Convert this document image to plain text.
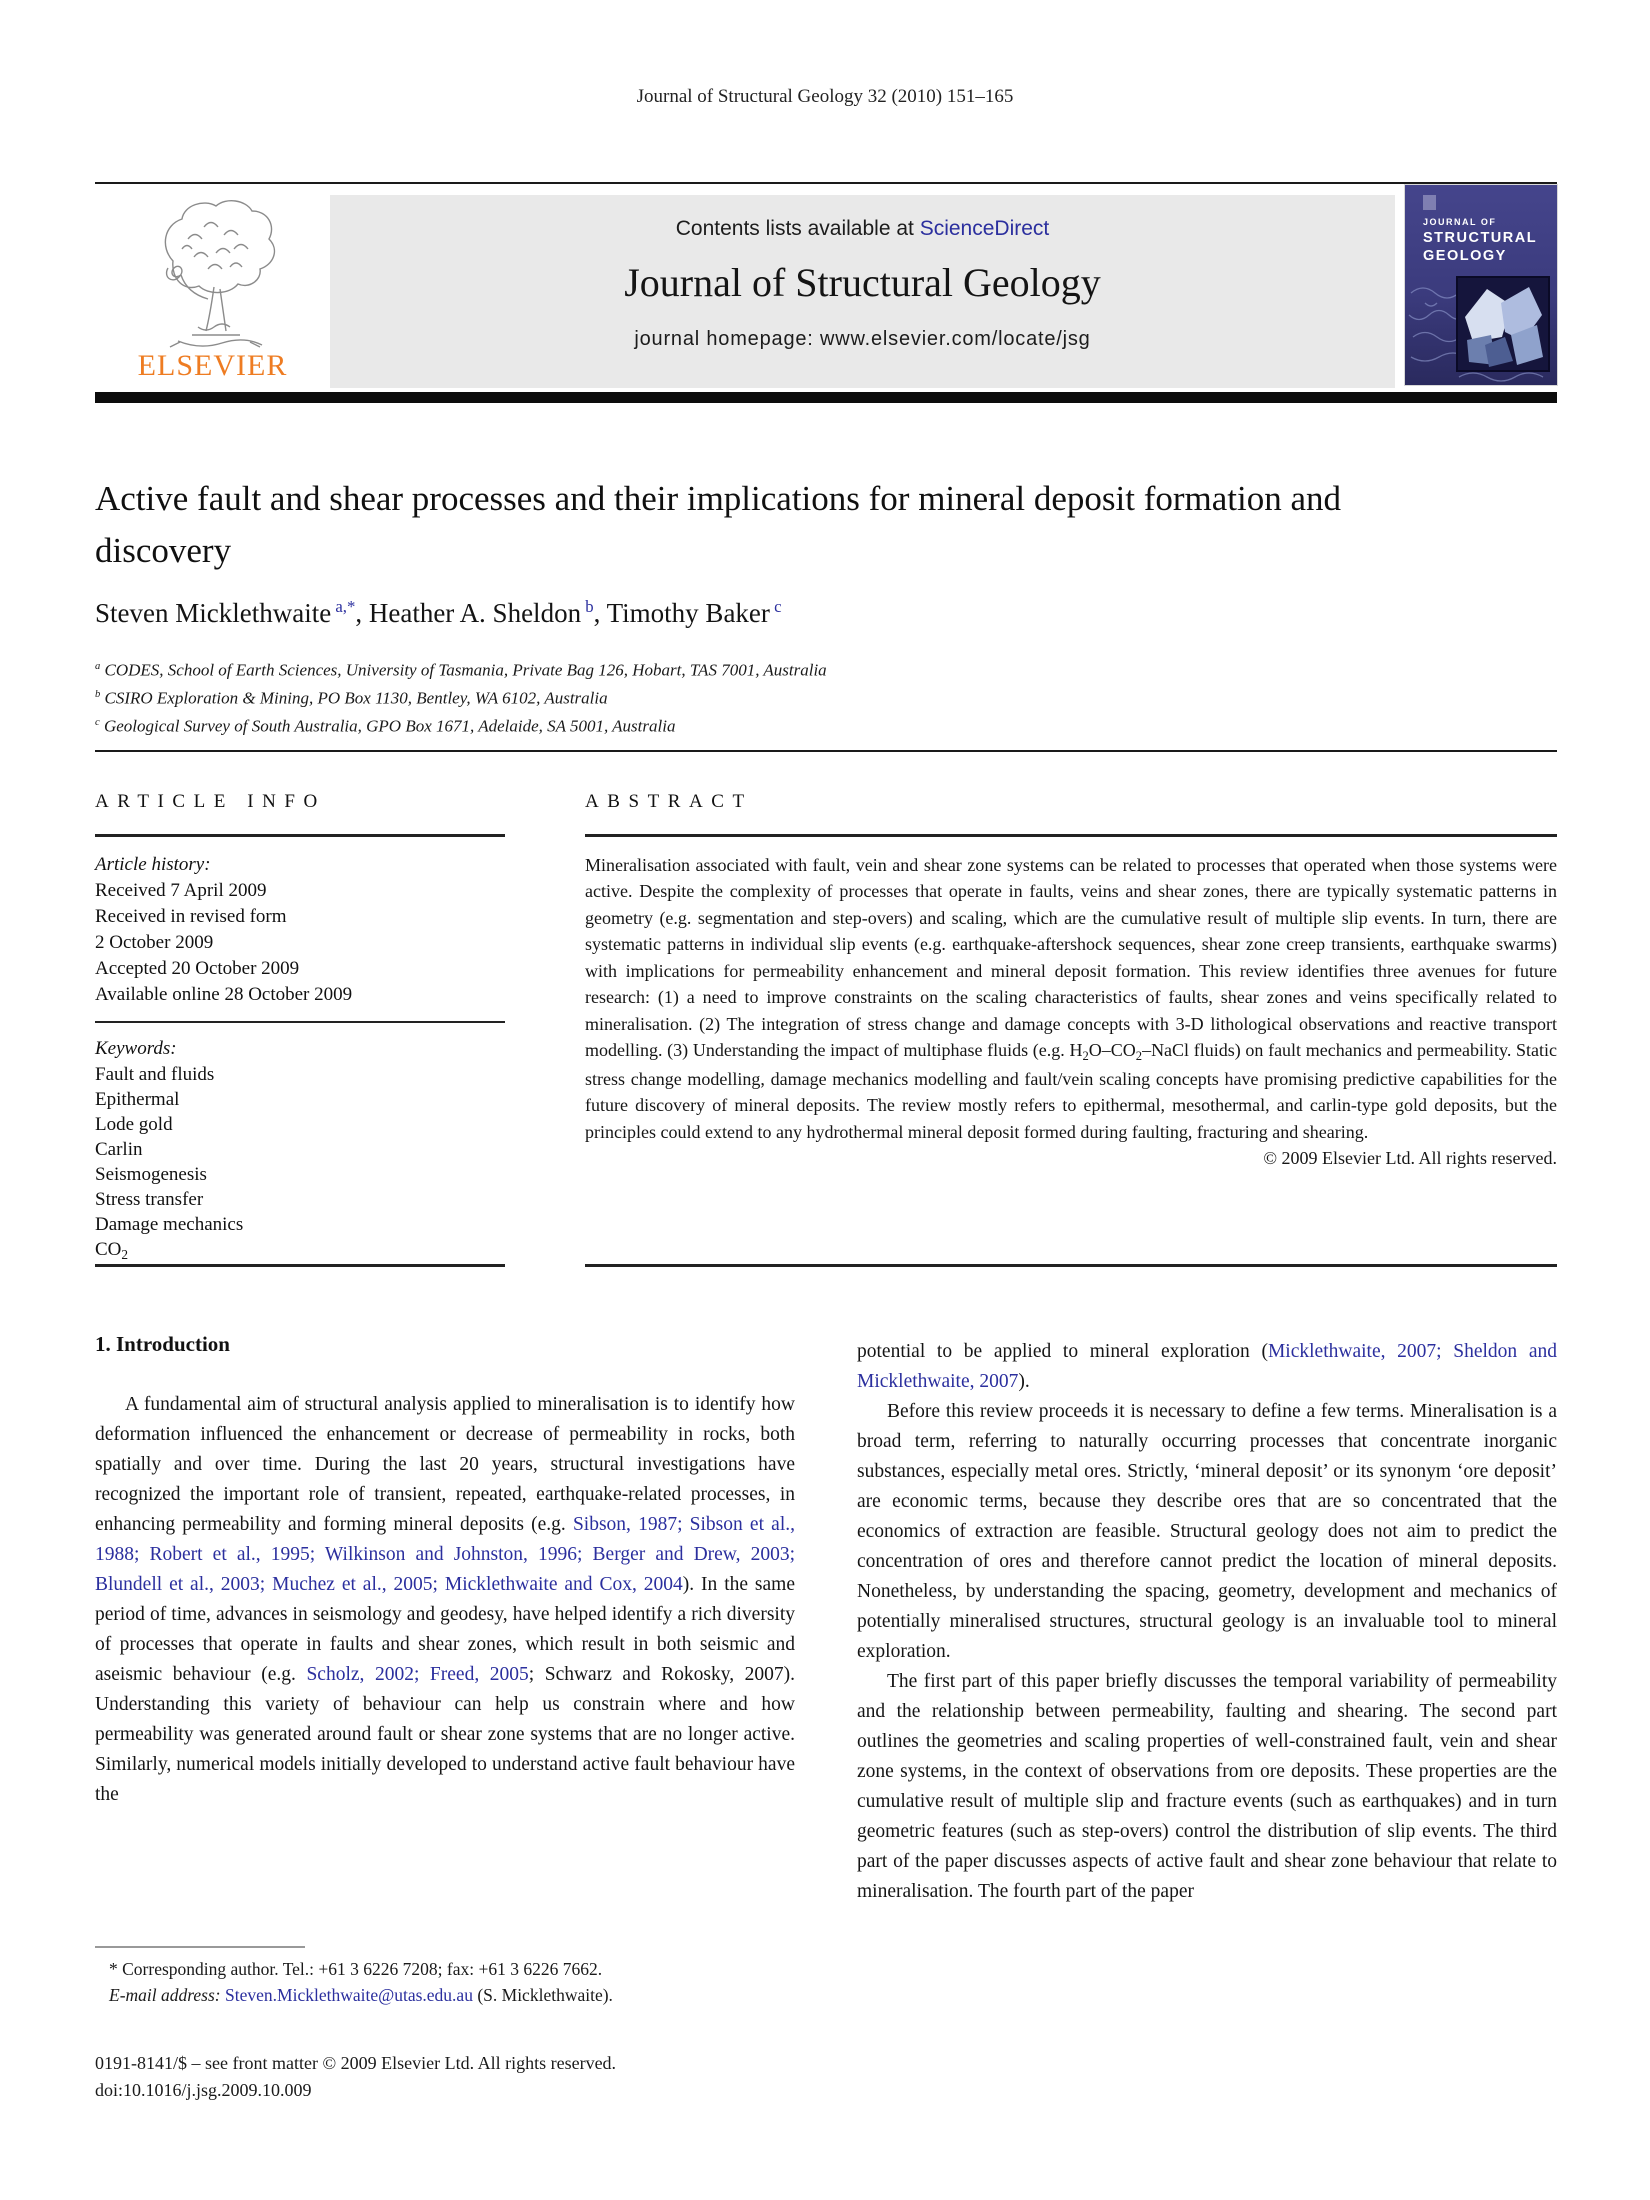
Journal of Structural Geology 32 (2010) 151–165
ELSEVIER
Contents lists available at ScienceDirect
Journal of Structural Geology
journal homepage: www.elsevier.com/locate/jsg
JOURNAL OF
STRUCTURAL
GEOLOGY
Active fault and shear processes and their implications for mineral deposit formation and discovery
Steven Micklethwaite $^{a,*}$, Heather A. Sheldon $^b$, Timothy Baker $^c$
$^a$ CODES, School of Earth Sciences, University of Tasmania, Private Bag 126, Hobart, TAS 7001, Australia
$^b$ CSIRO Exploration & Mining, PO Box 1130, Bentley, WA 6102, Australia
$^c$ Geological Survey of South Australia, GPO Box 1671, Adelaide, SA 5001, Australia
ARTICLE INFO
Article history:
Received 7 April 2009
Received in revised form
2 October 2009
Accepted 20 October 2009
Available online 28 October 2009
Keywords:
Fault and fluids
Epithermal
Lode gold
Carlin
Seismogenesis
Stress transfer
Damage mechanics
CO2
ABSTRACT
Mineralisation associated with fault, vein and shear zone systems can be related to processes that operated when those systems were active. Despite the complexity of processes that operate in faults, veins and shear zones, there are typically systematic patterns in geometry (e.g. segmentation and step-overs) and scaling, which are the cumulative result of multiple slip events. In turn, there are systematic patterns in individual slip events (e.g. earthquake-aftershock sequences, shear zone creep transients, earthquake swarms) with implications for permeability enhancement and mineral deposit formation. This review identifies three avenues for future research: (1) a need to improve constraints on the scaling characteristics of faults, shear zones and veins specifically related to mineralisation. (2) The integration of stress change and damage concepts with 3-D lithological observations and reactive transport modelling. (3) Understanding the impact of multiphase fluids (e.g. H2O–CO2–NaCl fluids) on fault mechanics and permeability. Static stress change modelling, damage mechanics modelling and fault/vein scaling concepts have promising predictive capabilities for the future discovery of mineral deposits. The review mostly refers to epithermal, mesothermal, and carlin-type gold deposits, but the principles could extend to any hydrothermal mineral deposit formed during faulting, fracturing and shearing.
© 2009 Elsevier Ltd. All rights reserved.
1. Introduction

A fundamental aim of structural analysis applied to mineralisation is to identify how deformation influenced the enhancement or decrease of permeability in rocks, both spatially and over time. During the last 20 years, structural investigations have recognized the important role of transient, repeated, earthquake-related processes, in enhancing permeability and forming mineral deposits (e.g. Sibson, 1987; Sibson et al., 1988; Robert et al., 1995; Wilkinson and Johnston, 1996; Berger and Drew, 2003; Blundell et al., 2003; Muchez et al., 2005; Micklethwaite and Cox, 2004). In the same period of time, advances in seismology and geodesy, have helped identify a rich diversity of processes that operate in faults and shear zones, which result in both seismic and aseismic behaviour (e.g. Scholz, 2002; Freed, 2005; Schwarz and Rokosky, 2007). Understanding this variety of behaviour can help us constrain where and how permeability was generated around fault or shear zone systems that are no longer active. Similarly, numerical models initially developed to understand active fault behaviour have the

potential to be applied to mineral exploration (Micklethwaite, 2007; Sheldon and Micklethwaite, 2007).

Before this review proceeds it is necessary to define a few terms. Mineralisation is a broad term, referring to naturally occurring processes that concentrate inorganic substances, especially metal ores. Strictly, ‘mineral deposit’ or its synonym ‘ore deposit’ are economic terms, because they describe ores that are so concentrated that the economics of extraction are feasible. Structural geology does not aim to predict the concentration of ores and therefore cannot predict the location of mineral deposits. Nonetheless, by understanding the spacing, geometry, development and mechanics of potentially mineralised structures, structural geology is an invaluable tool to mineral exploration.

The first part of this paper briefly discusses the temporal variability of permeability and the relationship between permeability, faulting and shearing. The second part outlines the geometries and scaling properties of well-constrained fault, vein and shear zone systems, in the context of observations from ore deposits. These properties are the cumulative result of multiple slip and fracture events (such as earthquakes) and in turn geometric features (such as step-overs) control the distribution of slip events. The third part of the paper discusses aspects of active fault and shear zone behaviour that relate to mineralisation. The fourth part of the paper

* Corresponding author. Tel.: +61 3 6226 7208; fax: +61 3 6226 7662.
E-mail address: Steven.Micklethwaite@utas.edu.au (S. Micklethwaite).
0191-8141/$ – see front matter © 2009 Elsevier Ltd. All rights reserved.
doi:10.1016/j.jsg.2009.10.009
